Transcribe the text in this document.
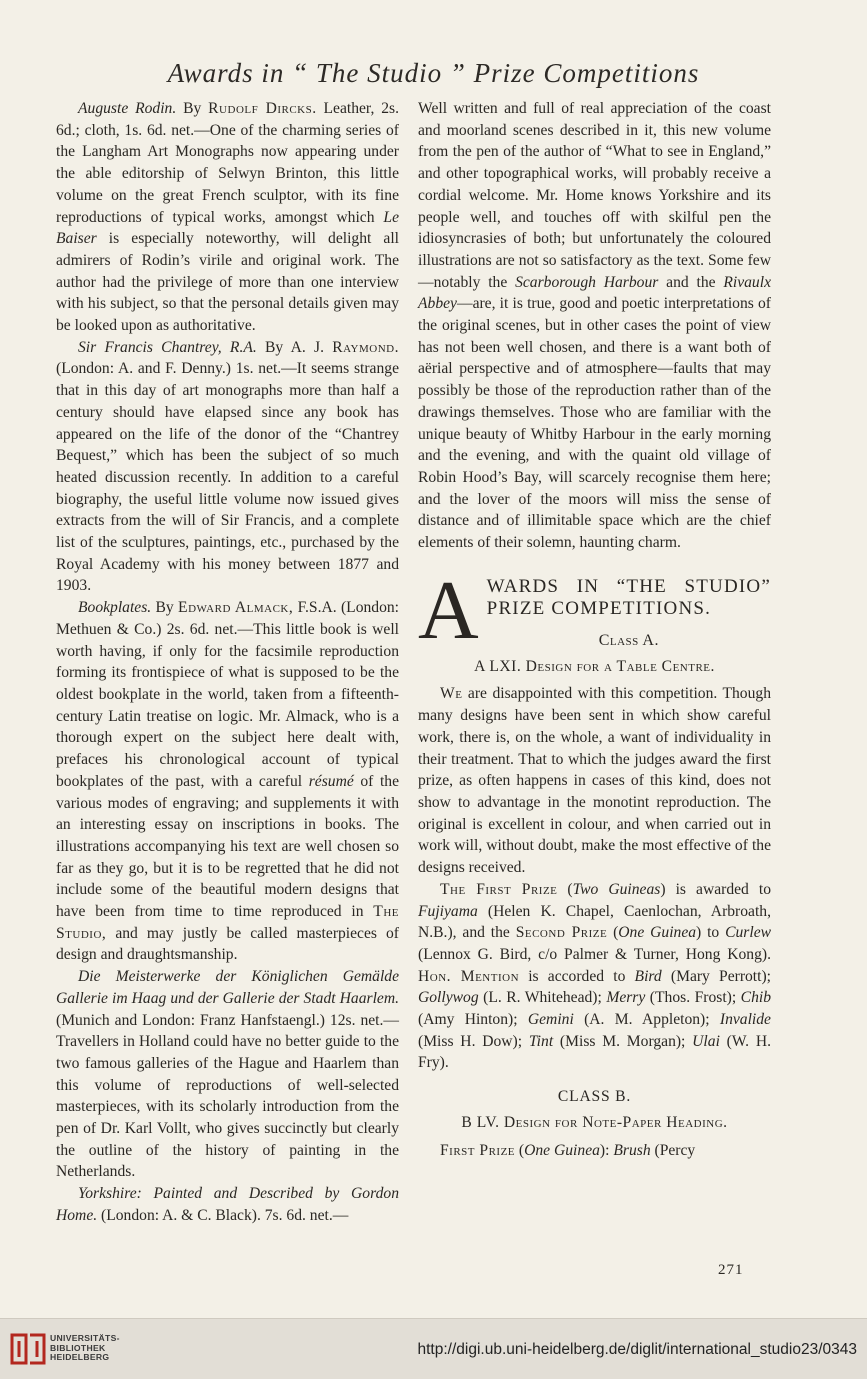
Awards in “ The Studio ” Prize Competitions

Auguste Rodin. By Rudolf Dircks. Leather, 2s. 6d.; cloth, 1s. 6d. net.—One of the charming series of the Langham Art Monographs now appearing under the able editorship of Selwyn Brinton, this little volume on the great French sculptor, with its fine reproductions of typical works, amongst which Le Baiser is especially noteworthy, will delight all admirers of Rodin’s virile and original work. The author had the privilege of more than one interview with his subject, so that the personal details given may be looked upon as authoritative.

Sir Francis Chantrey, R.A. By A. J. Raymond. (London: A. and F. Denny.) 1s. net.—It seems strange that in this day of art monographs more than half a century should have elapsed since any book has appeared on the life of the donor of the “Chantrey Bequest,” which has been the subject of so much heated discussion recently. In addition to a careful biography, the useful little volume now issued gives extracts from the will of Sir Francis, and a complete list of the sculptures, paintings, etc., purchased by the Royal Academy with his money between 1877 and 1903.

Bookplates. By Edward Almack, F.S.A. (London: Methuen & Co.) 2s. 6d. net.—This little book is well worth having, if only for the facsimile reproduction forming its frontispiece of what is supposed to be the oldest bookplate in the world, taken from a fifteenth-century Latin treatise on logic. Mr. Almack, who is a thorough expert on the subject here dealt with, prefaces his chronological account of typical bookplates of the past, with a careful résumé of the various modes of engraving; and supplements it with an interesting essay on inscriptions in books. The illustrations accompanying his text are well chosen so far as they go, but it is to be regretted that he did not include some of the beautiful modern designs that have been from time to time reproduced in The Studio, and may justly be called masterpieces of design and draughtsmanship.

Die Meisterwerke der Königlichen Gemälde Gallerie im Haag und der Gallerie der Stadt Haarlem. (Munich and London: Franz Hanfstaengl.) 12s. net.—Travellers in Holland could have no better guide to the two famous galleries of the Hague and Haarlem than this volume of reproductions of well-selected masterpieces, with its scholarly introduction from the pen of Dr. Karl Vollt, who gives succinctly but clearly the outline of the history of painting in the Netherlands.

Yorkshire: Painted and Described by Gordon Home. (London: A. & C. Black). 7s. 6d. net.—

Well written and full of real appreciation of the coast and moorland scenes described in it, this new volume from the pen of the author of “What to see in England,” and other topographical works, will probably receive a cordial welcome. Mr. Home knows Yorkshire and its people well, and touches off with skilful pen the idiosyncrasies of both; but unfortunately the coloured illustrations are not so satisfactory as the text. Some few—notably the Scarborough Harbour and the Rivaulx Abbey—are, it is true, good and poetic interpretations of the original scenes, but in other cases the point of view has not been well chosen, and there is a want both of aërial perspective and of atmosphere—faults that may possibly be those of the reproduction rather than of the drawings themselves. Those who are familiar with the unique beauty of Whitby Harbour in the early morning and the evening, and with the quaint old village of Robin Hood’s Bay, will scarcely recognise them here; and the lover of the moors will miss the sense of distance and of illimitable space which are the chief elements of their solemn, haunting charm.

A WARDS IN “THE STUDIO”
PRIZE COMPETITIONS.
Class A.
A LXI. Design for a Table Centre.

We are disappointed with this competition. Though many designs have been sent in which show careful work, there is, on the whole, a want of individuality in their treatment. That to which the judges award the first prize, as often happens in cases of this kind, does not show to advantage in the monotint reproduction. The original is excellent in colour, and when carried out in work will, without doubt, make the most effective of the designs received.

The First Prize (Two Guineas) is awarded to Fujiyama (Helen K. Chapel, Caenlochan, Arbroath, N.B.), and the Second Prize (One Guinea) to Curlew (Lennox G. Bird, c/o Palmer & Turner, Hong Kong). Hon. Mention is accorded to Bird (Mary Perrott); Gollywog (L. R. Whitehead); Merry (Thos. Frost); Chib (Amy Hinton); Gemini (A. M. Appleton); Invalide (Miss H. Dow); Tint (Miss M. Morgan); Ulai (W. H. Fry).

CLASS B.
B LV. Design for Note-Paper Heading.

First Prize (One Guinea): Brush (Percy

271
UNIVERSITÄTS-
BIBLIOTHEK
HEIDELBERG	http://digi.ub.uni-heidelberg.de/diglit/international_studio23/0343
